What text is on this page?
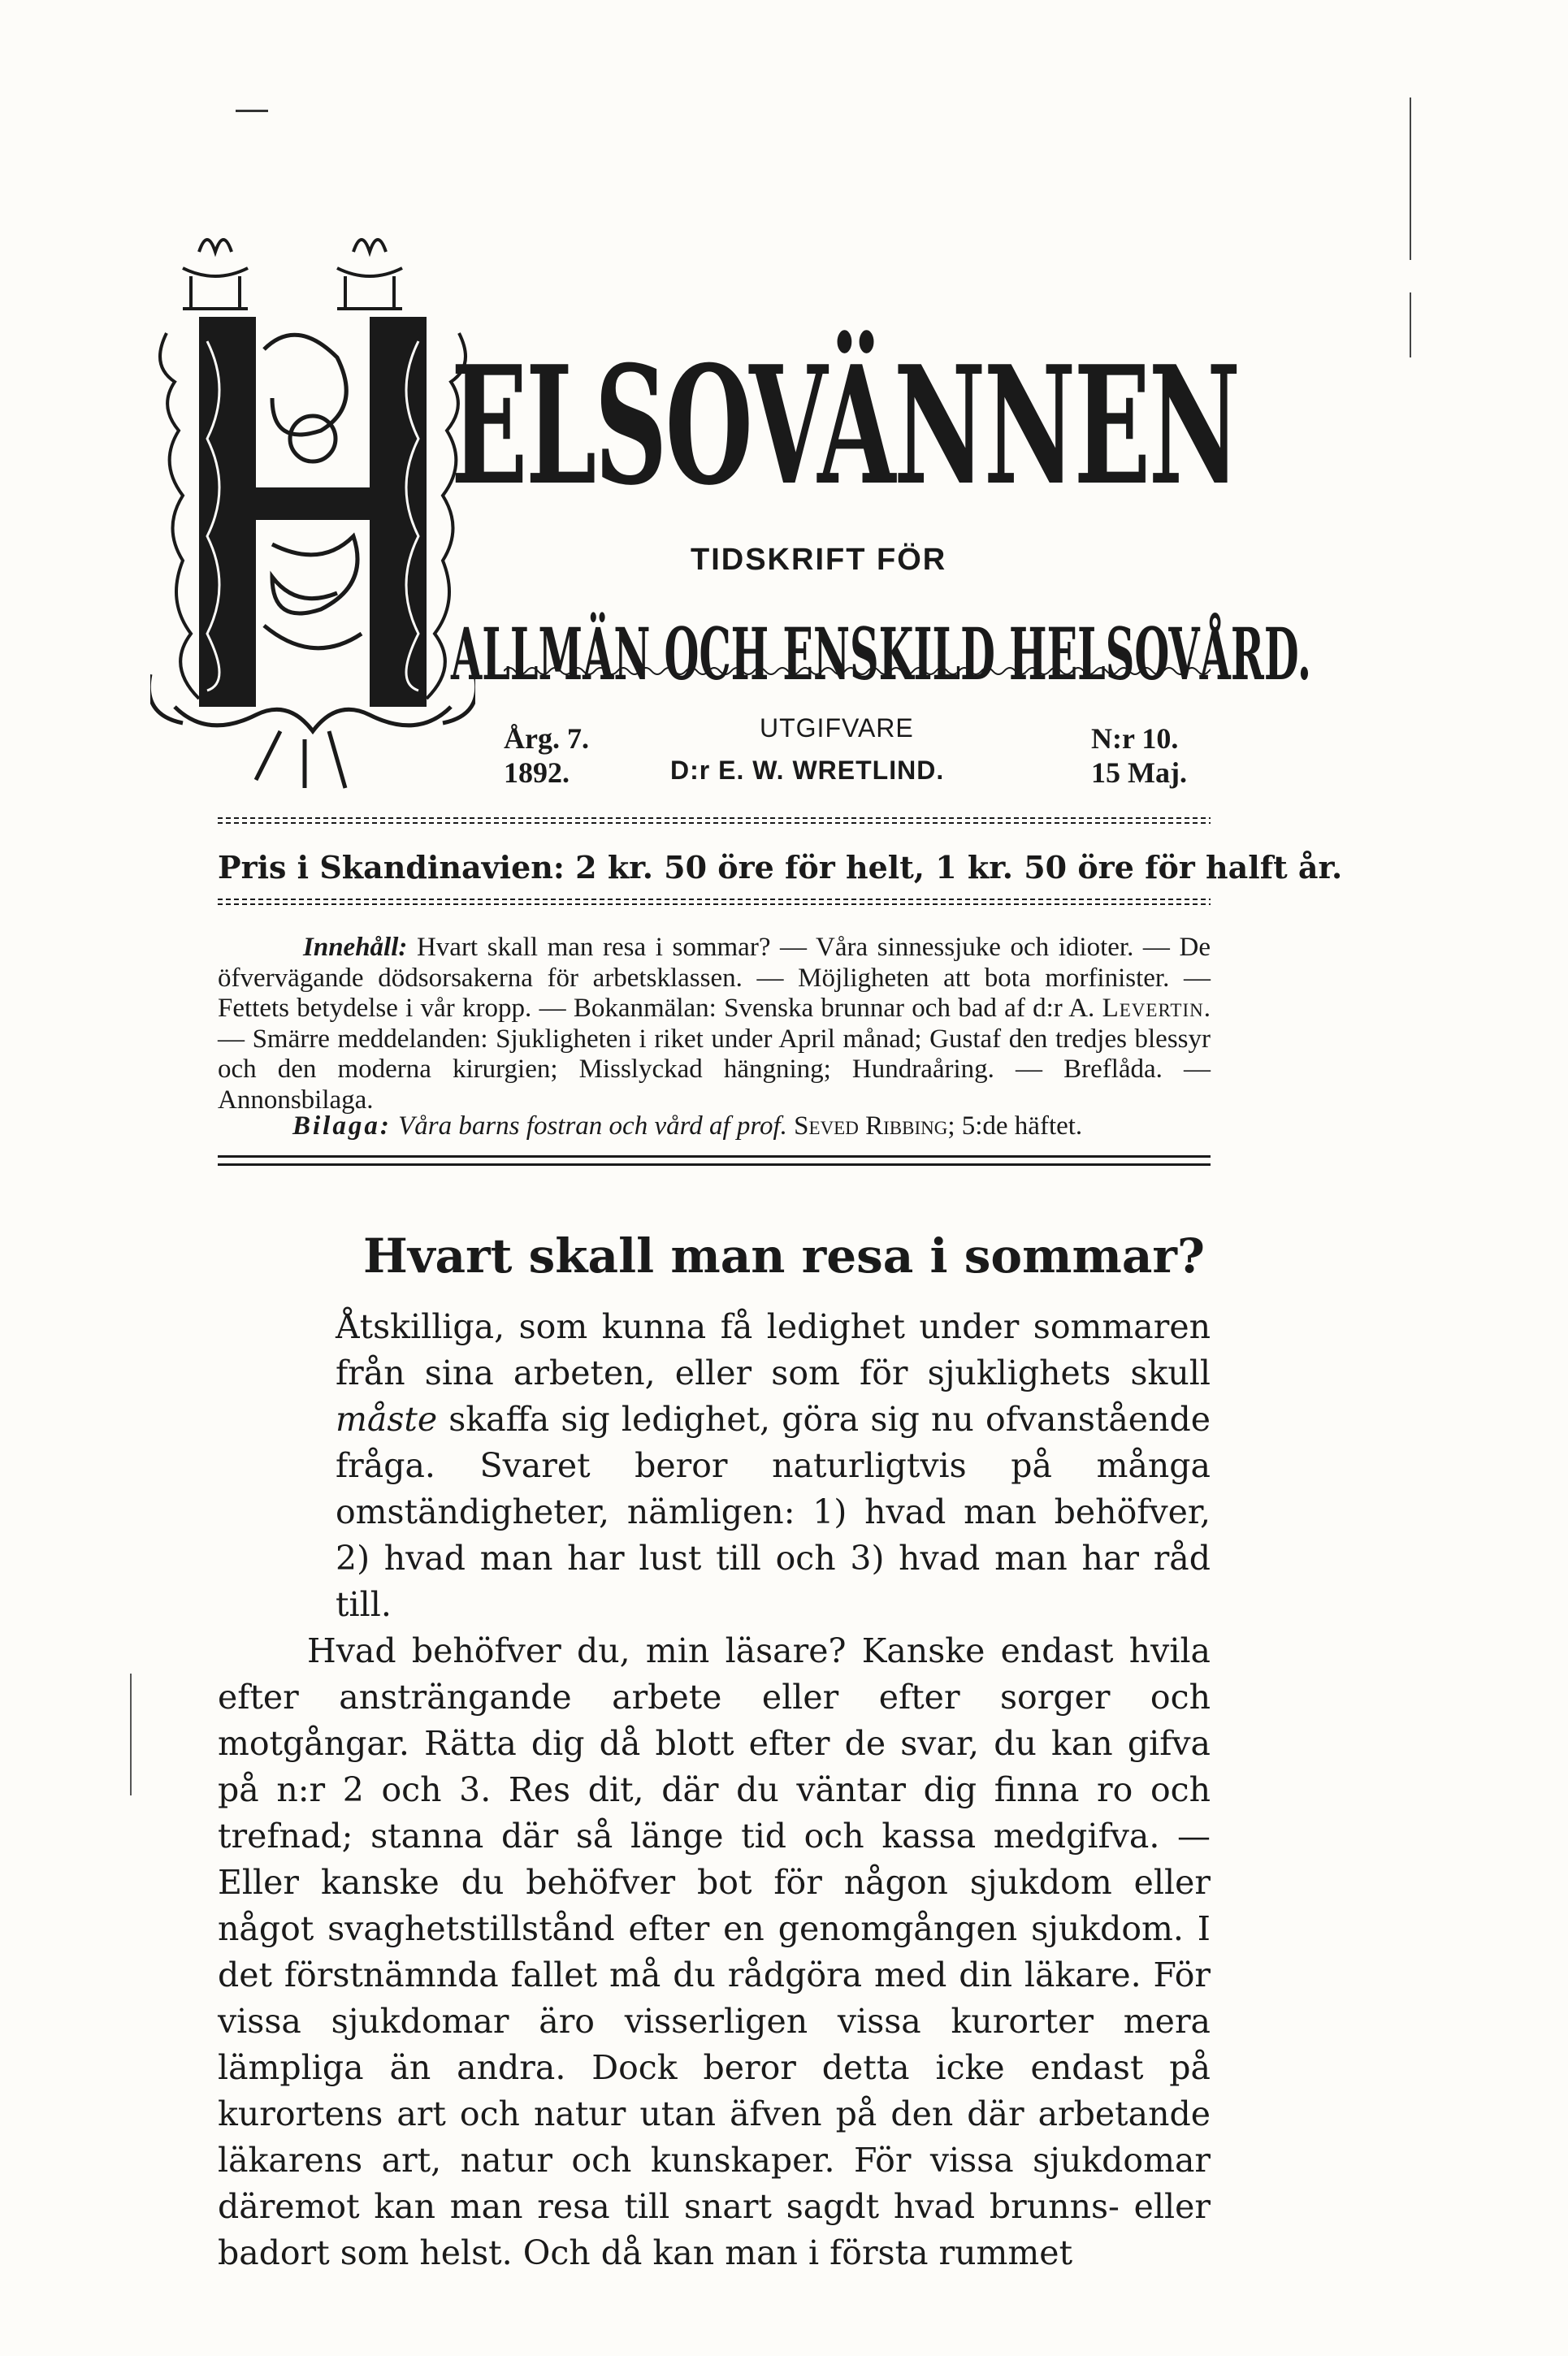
ELSOVÄNNEN
TIDSKRIFT FÖR
ALLMÄN OCH ENSKILD HELSOVÅRD.
Årg. 7.
1892.
UTGIFVARE
D:r E. W. WRETLIND.
N:r 10.
15 Maj.
Pris i Skandinavien: 2 kr. 50 öre för helt, 1 kr. 50 öre för halft år.
Innehåll: Hvart skall man resa i sommar? — Våra sinnessjuke och idioter. — De öfvervägande dödsorsakerna för arbetsklassen. — Möjligheten att bota morfinister. — Fettets betydelse i vår kropp. — Bokanmälan: Svenska brunnar och bad af d:r A. Levertin. — Smärre meddelanden: Sjukligheten i riket under April månad; Gustaf den tredjes blessyr och den moderna kirurgien; Misslyckad hängning; Hundraåring. — Breflåda. — Annonsbilaga.
Bilaga: Våra barns fostran och vård af prof. Seved Ribbing; 5:de häftet.
Hvart skall man resa i sommar?

Åtskilliga, som kunna få ledighet under sommaren från sina arbeten, eller som för sjuklighets skull måste skaffa sig ledighet, göra sig nu ofvanstående fråga. Svaret beror naturligtvis på många omständigheter, nämligen: 1) hvad man behöfver, 2) hvad man har lust till och 3) hvad man har råd till.

Hvad behöfver du, min läsare? Kanske endast hvila efter ansträngande arbete eller efter sorger och motgångar. Rätta dig då blott efter de svar, du kan gifva på n:r 2 och 3. Res dit, där du väntar dig finna ro och trefnad; stanna där så länge tid och kassa medgifva. — Eller kanske du behöfver bot för någon sjukdom eller något svaghetstillstånd efter en genomgången sjukdom. I det förstnämnda fallet må du rådgöra med din läkare. För vissa sjukdomar äro visserligen vissa kurorter mera lämpliga än andra. Dock beror detta icke endast på kurortens art och natur utan äfven på den där arbetande läkarens art, natur och kunskaper. För vissa sjukdomar däremot kan man resa till snart sagdt hvad brunns- eller badort som helst. Och då kan man i första rummet
